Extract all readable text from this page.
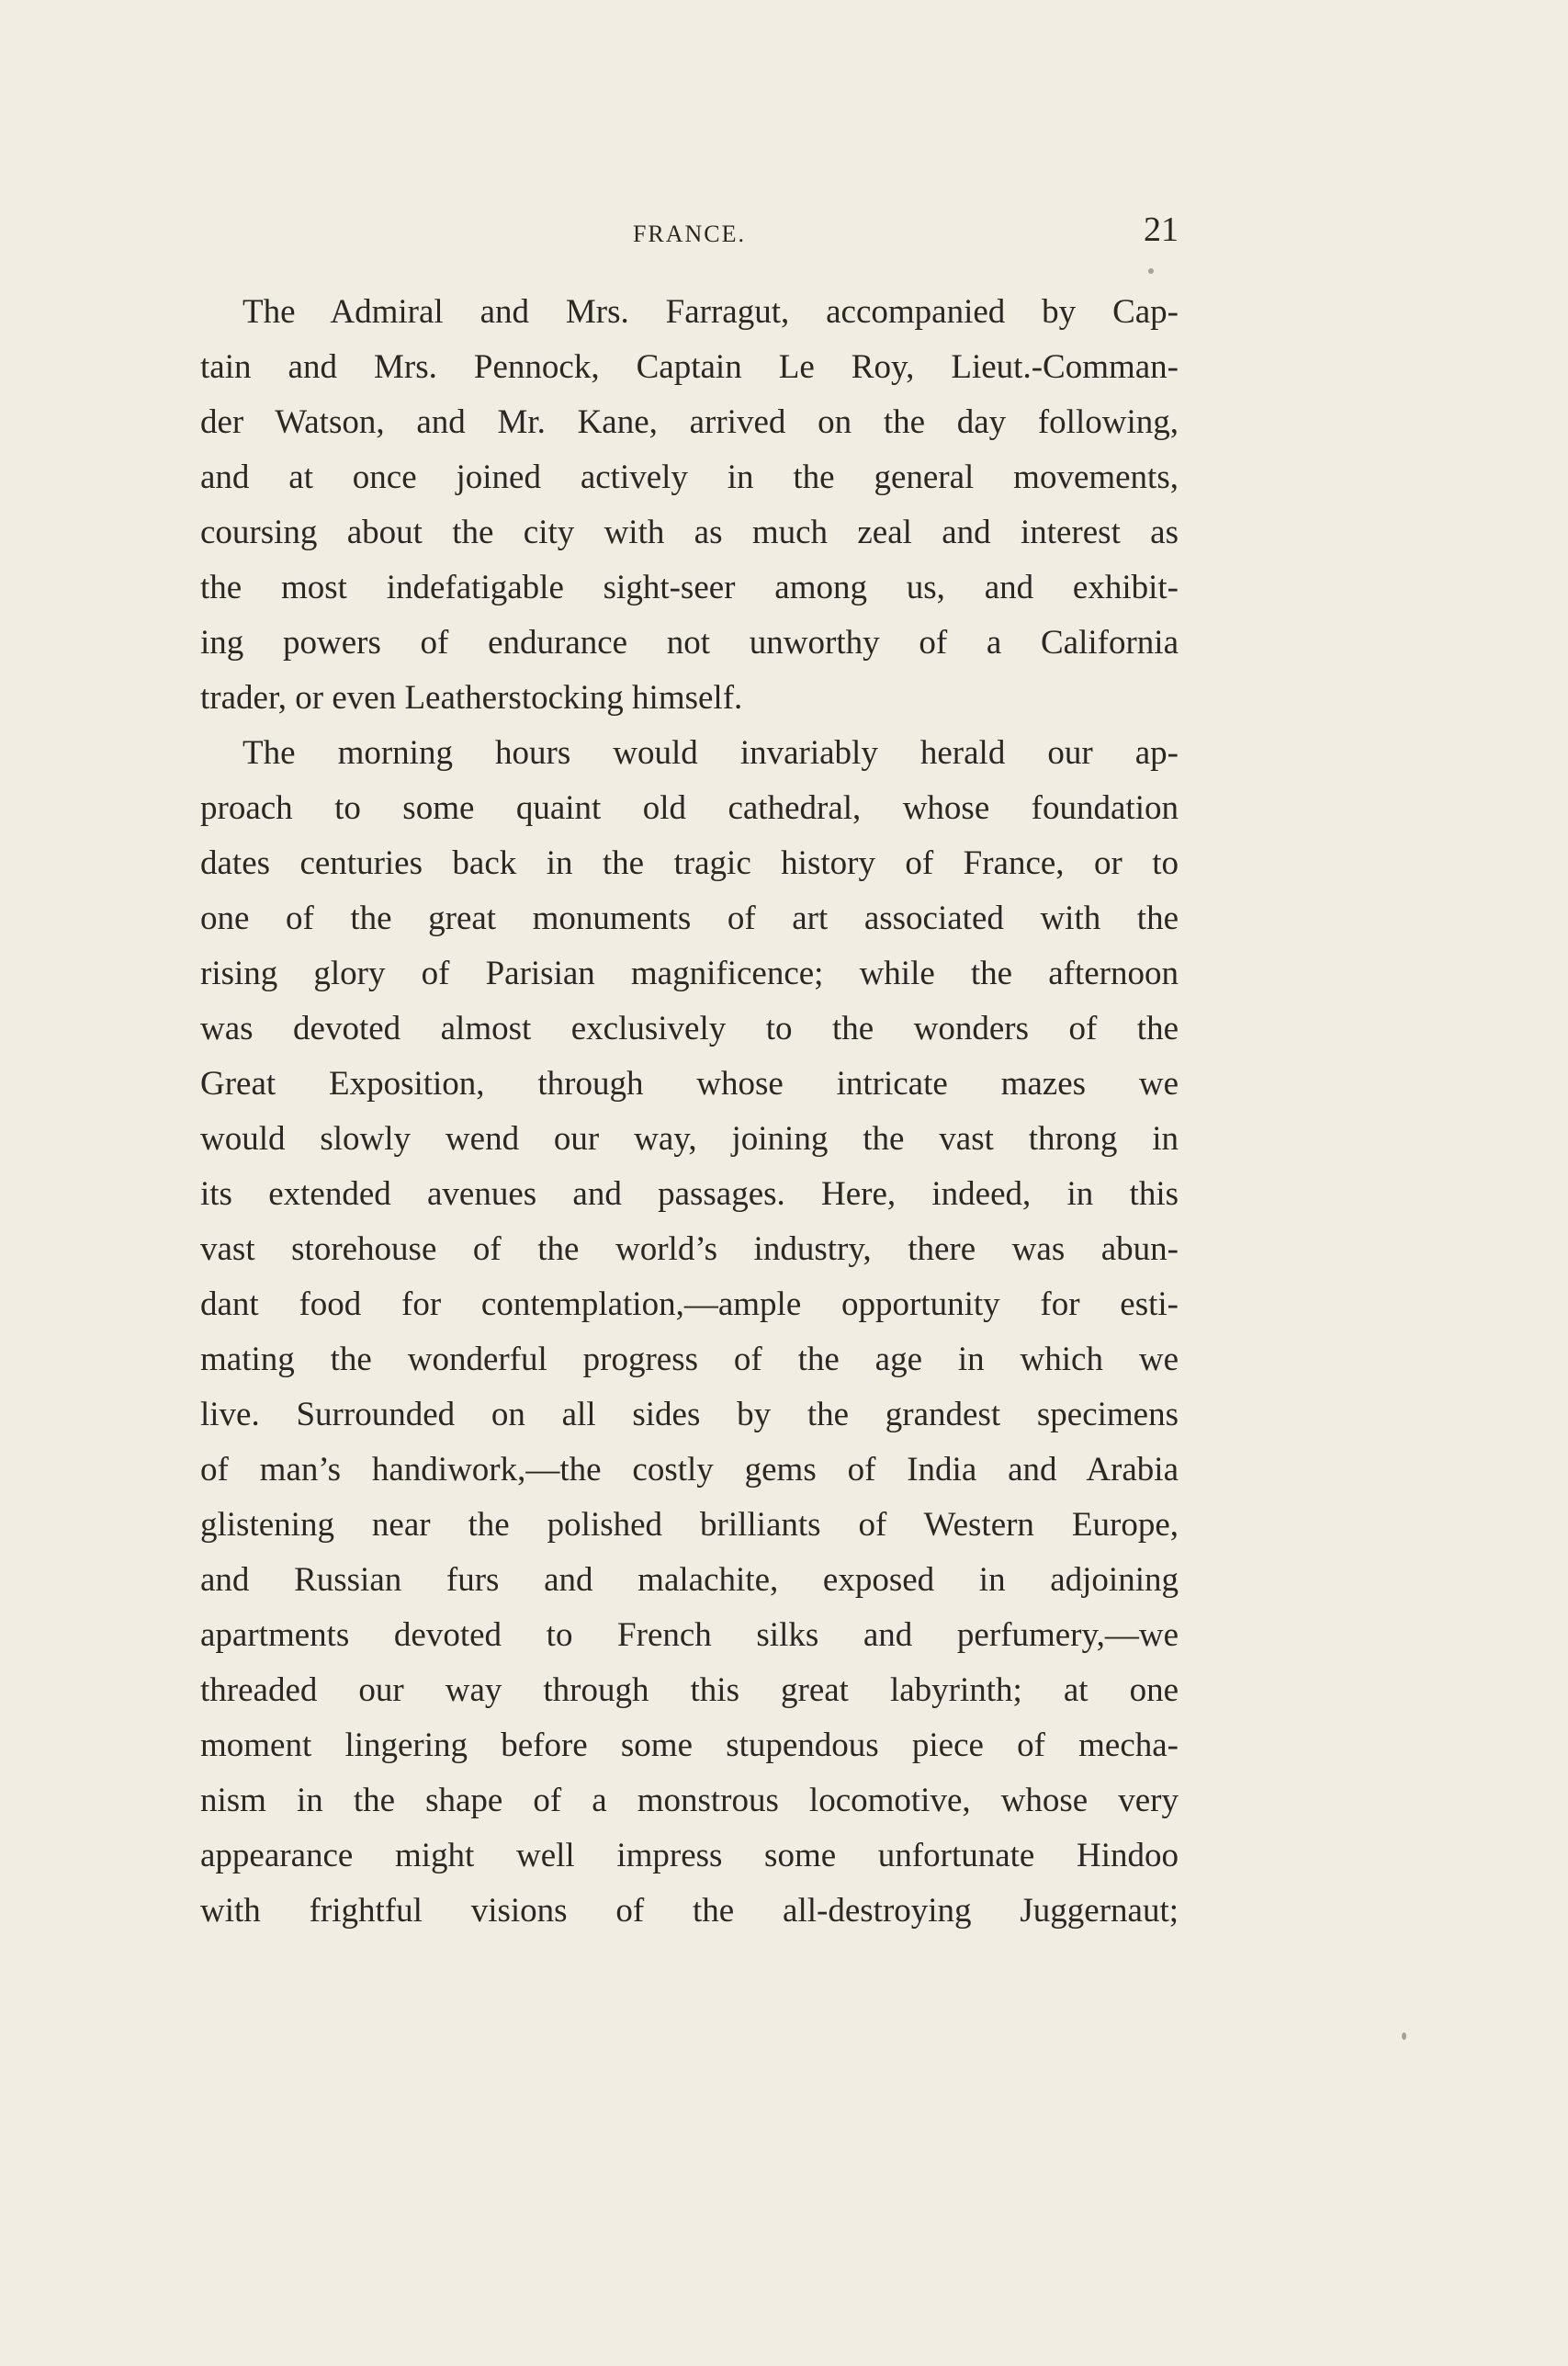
FRANCE.	21

The Admiral and Mrs. Farragut, accompanied by Cap-
tain and Mrs. Pennock, Captain Le Roy, Lieut.-Comman-
der Watson, and Mr. Kane, arrived on the day following,
and at once joined actively in the general movements,
coursing about the city with as much zeal and interest as
the most indefatigable sight-seer among us, and exhibit-
ing powers of endurance not unworthy of a California
trader, or even Leatherstocking himself.

The morning hours would invariably herald our ap-
proach to some quaint old cathedral, whose foundation
dates centuries back in the tragic history of France, or to
one of the great monuments of art associated with the
rising glory of Parisian magnificence; while the afternoon
was devoted almost exclusively to the wonders of the
Great Exposition, through whose intricate mazes we
would slowly wend our way, joining the vast throng in
its extended avenues and passages. Here, indeed, in this
vast storehouse of the world’s industry, there was abun-
dant food for contemplation,—ample opportunity for esti-
mating the wonderful progress of the age in which we
live. Surrounded on all sides by the grandest specimens
of man’s handiwork,—the costly gems of India and Arabia
glistening near the polished brilliants of Western Europe,
and Russian furs and malachite, exposed in adjoining
apartments devoted to French silks and perfumery,—we
threaded our way through this great labyrinth; at one
moment lingering before some stupendous piece of mecha-
nism in the shape of a monstrous locomotive, whose very
appearance might well impress some unfortunate Hindoo
with frightful visions of the all-destroying Juggernaut;
